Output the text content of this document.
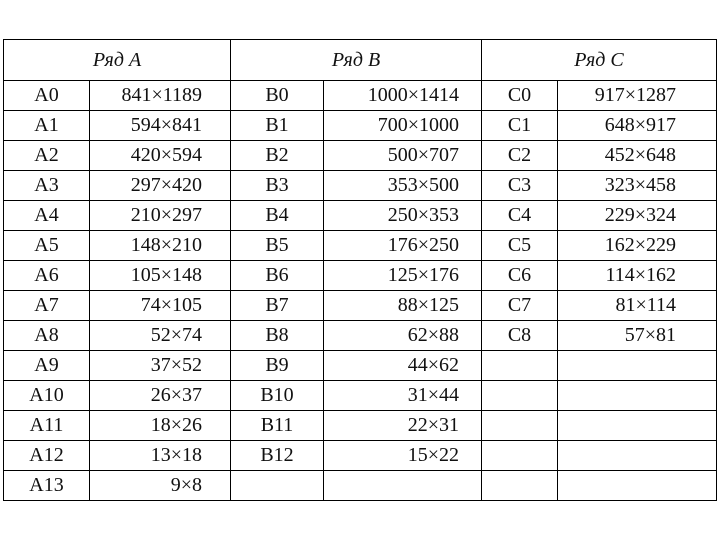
Ряд A		Ряд B		Ряд C	
A0	841×1189	B0	1000×1414	C0	917×1287
A1	594×841	B1	700×1000	C1	648×917
A2	420×594	B2	500×707	C2	452×648
A3	297×420	B3	353×500	C3	323×458
A4	210×297	B4	250×353	C4	229×324
A5	148×210	B5	176×250	C5	162×229
A6	105×148	B6	125×176	C6	114×162
A7	74×105	B7	88×125	C7	81×114
A8	52×74	B8	62×88	C8	57×81
A9	37×52	B9	44×62		
A10	26×37	B10	31×44		
A11	18×26	B11	22×31		
A12	13×18	B12	15×22		
A13	9×8				
